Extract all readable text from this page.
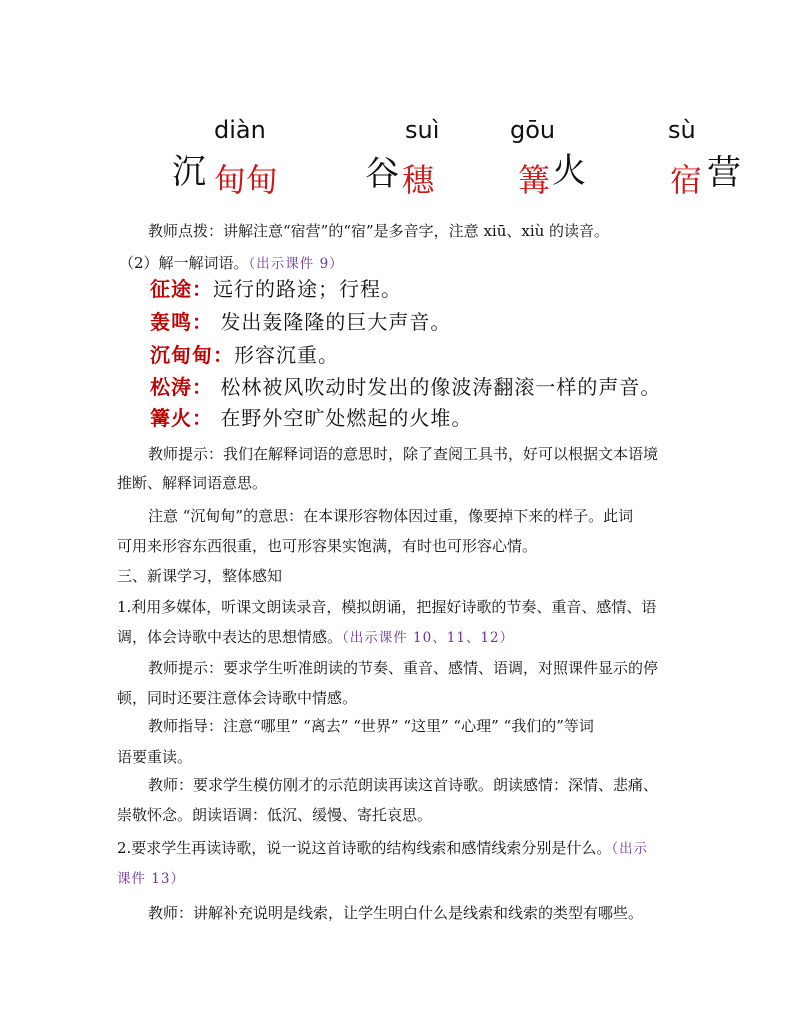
diàn	suì	gōu	sù
沉 甸甸	谷 穗	篝 火	宿 营
教师点拨：讲解注意“宿营”的“宿”是多音字，注意 xiū、xiù 的读音。
（2）解一解词语。（出示课件 9）
征途：远行的路途；行程。
轰鸣： 发出轰隆隆的巨大声音。
沉甸甸：形容沉重。
松涛： 松林被风吹动时发出的像波涛翻滚一样的声音。
篝火： 在野外空旷处燃起的火堆。
教师提示：我们在解释词语的意思时，除了查阅工具书，好可以根据文本语境
推断、解释词语意思。
注意 “沉甸甸”的意思：在本课形容物体因过重，像要掉下来的样子。此词
可用来形容东西很重，也可形容果实饱满，有时也可形容心情。
三、新课学习，整体感知
1.利用多媒体，听课文朗读录音，模拟朗诵，把握好诗歌的节奏、重音、感情、语
调，体会诗歌中表达的思想情感。（出示课件 10、11、12）
教师提示：要求学生听准朗读的节奏、重音、感情、语调，对照课件显示的停
顿，同时还要注意体会诗歌中情感。
教师指导：注意“哪里” “离去” “世界” “这里” “心理” “我们的”等词
语要重读。
教师：要求学生模仿刚才的示范朗读再读这首诗歌。朗读感情：深情、悲痛、
崇敬怀念。朗读语调：低沉、缓慢、寄托哀思。
2.要求学生再读诗歌，说一说这首诗歌的结构线索和感情线索分别是什么。（出示
课件 13）
教师：讲解补充说明是线索，让学生明白什么是线索和线索的类型有哪些。
